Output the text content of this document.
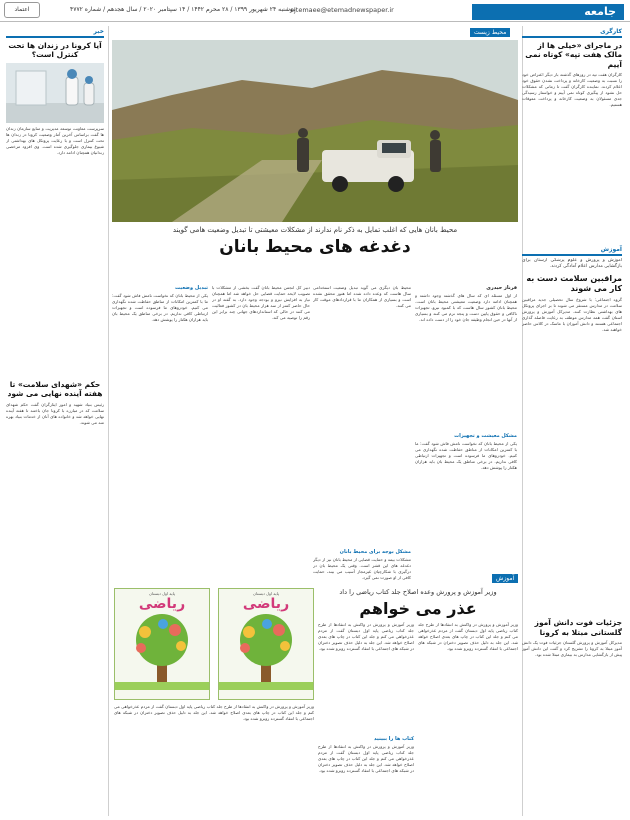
جامعه
۱۲
ejtemaee@etemadnewspaper.ir
دوشنبه ۲۴ شهریور ۱۳۹۹ / ۲۸ محرم ۱۴۴۲ / ۱۴ سپتامبر ۲۰۲۰ / سال هجدهم / شماره ۴۷۷۲
اعتماد
کارگری
در ماجرای «خیلی ها از مالک هفت تپه» کوتاه نمی آییم
کارگران هفت تپه در روزهای گذشته بار دیگر اعتراض خود را نسبت به وضعیت کارخانه و پرداخت نشدن حقوق خود اعلام کردند. نماینده کارگران گفت تا زمانی که مشکلات حل نشود از پیگیری کوتاه نمی آییم و خواستار رسیدگی جدی مسئولان به وضعیت کارخانه و پرداخت معوقات هستیم.
آموزش
آموزش و پرورش و علوم پزشکی ارستان برای بازگشایی مدارس اعلام آمادگی کردند.
مراقبین سلامت دست به کار می شوند
گروه اجتماعی: با شروع سال تحصیلی جدید مراقبین سلامت در مدارس مستقر می شوند تا بر اجرای پروتکل های بهداشتی نظارت کنند. مدیرکل آموزش و پرورش استان گفت همه مدارس موظف به رعایت فاصله گذاری اجتماعی هستند و دانش آموزان با ماسک در کلاس حاضر خواهند شد.
جزئیات فوت دانش آموز گلستانی مبتلا به کرونا
مدیرکل آموزش و پرورش گلستان جزئیات فوت یک دانش آموز مبتلا به کرونا را تشریح کرد و گفت این دانش آموز پیش از بازگشایی مدارس به بیماری مبتلا شده بود.
محیط زیست
محیط بانان هایی که اغلب تمایل به ذکر نام ندارند از مشکلات معیشتی تا تبدیل وضعیت هامی گویند
دغدغه های محیط بانان
فرناز حیدری
از اول مسئله ای که سال های گذشته وجود داشته و همچنان ادامه دارد وضعیت معیشتی محیط بانان است. محیط بانان کشور سال هاست که با کمبود نیرو، تجهیزات ناکافی و حقوق پایین دست و پنجه نرم می کنند و بسیاری از آنها در حین انجام وظیفه جان خود را از دست داده اند.
مشکل معیشت و تجهیزات
یکی از محیط بانان که نخواست نامش فاش شود گفت: ما با کمترین امکانات از مناطق حفاظت شده نگهداری می کنیم. خودروهای ما فرسوده است و تجهیزات ارتباطی کافی نداریم. در برخی مناطق یک محیط بان باید هزاران هکتار را پوشش دهد.
محیط بان دیگری می گوید تبدیل وضعیت استخدامی سال هاست که وعده داده شده اما هنوز محقق نشده است و بسیاری از همکاران ما با قراردادهای موقت کار می کنند.
مشکل بوجه برای محیط بانان
مشکلات بیمه و حمایت قضایی از محیط بانان نیز از دیگر دغدغه های این قشر است. وقتی یک محیط بان در درگیری با شکارچیان غیرمجاز آسیب می بیند، حمایت کافی از او صورت نمی گیرد.
دبیر کل انجمن محیط بانان گفت بخشی از مشکلات با تصویب لایحه حمایت قضایی حل خواهد شد اما همچنان نیاز به افزایش نیرو و بودجه وجود دارد. به گفته او در حال حاضر کمتر از سه هزار محیط بان در کشور فعالیت می کنند در حالی که استانداردهای جهانی چند برابر این رقم را توصیه می کند.
تبدیل وضعیت
یکی از محیط بانان که نخواست نامش فاش شود گفت: ما با کمترین امکانات از مناطق حفاظت شده نگهداری می کنیم. خودروهای ما فرسوده است و تجهیزات ارتباطی کافی نداریم. در برخی مناطق یک محیط بان باید هزاران هکتار را پوشش دهد.
آموزش
وزیر آموزش و پرورش وعده اصلاح جلد کتاب ریاضی را داد
عذر می خواهم
وزیر آموزش و پرورش در واکنش به انتقادها از طرح جلد کتاب ریاضی پایه اول دبستان گفت از مردم عذرخواهی می کنم و جلد این کتاب در چاپ های بعدی اصلاح خواهد شد. این جلد به دلیل حذف تصویر دختران در شبکه های اجتماعی با انتقاد گسترده روبرو شده بود.
وزیر آموزش و پرورش در واکنش به انتقادها از طرح جلد کتاب ریاضی پایه اول دبستان گفت از مردم عذرخواهی می کنم و جلد این کتاب در چاپ های بعدی اصلاح خواهد شد. این جلد به دلیل حذف تصویر دختران در شبکه های اجتماعی با انتقاد گسترده روبرو شده بود.
کتاب ها را ببینید
وزیر آموزش و پرورش در واکنش به انتقادها از طرح جلد کتاب ریاضی پایه اول دبستان گفت از مردم عذرخواهی می کنم و جلد این کتاب در چاپ های بعدی اصلاح خواهد شد. این جلد به دلیل حذف تصویر دختران در شبکه های اجتماعی با انتقاد گسترده روبرو شده بود.
پایه اول دبستان
ریاضی
پایه اول دبستان
ریاضی
وزیر آموزش و پرورش در واکنش به انتقادها از طرح جلد کتاب ریاضی پایه اول دبستان گفت از مردم عذرخواهی می کنم و جلد این کتاب در چاپ های بعدی اصلاح خواهد شد. این جلد به دلیل حذف تصویر دختران در شبکه های اجتماعی با انتقاد گسترده روبرو شده بود.
خبر
آیا کرونا در زندان ها تحت کنترل است؟
سرپرست معاونت توسعه مدیریت و منابع سازمان زندان ها گفت براساس آخرین آمار وضعیت کرونا در زندان ها تحت کنترل است و با رعایت پروتکل های بهداشتی از شیوع بیماری جلوگیری شده است. وی افزود مرخصی زندانیان همچنان ادامه دارد.
حکم «شهدای سلامت» تا هفته آینده نهایی می شود
رئیس بنیاد شهید و امور ایثارگران گفت حکم شهدای سلامت که در مبارزه با کرونا جان باختند تا هفته آینده نهایی خواهد شد و خانواده های آنان از خدمات بنیاد بهره مند می شوند.
